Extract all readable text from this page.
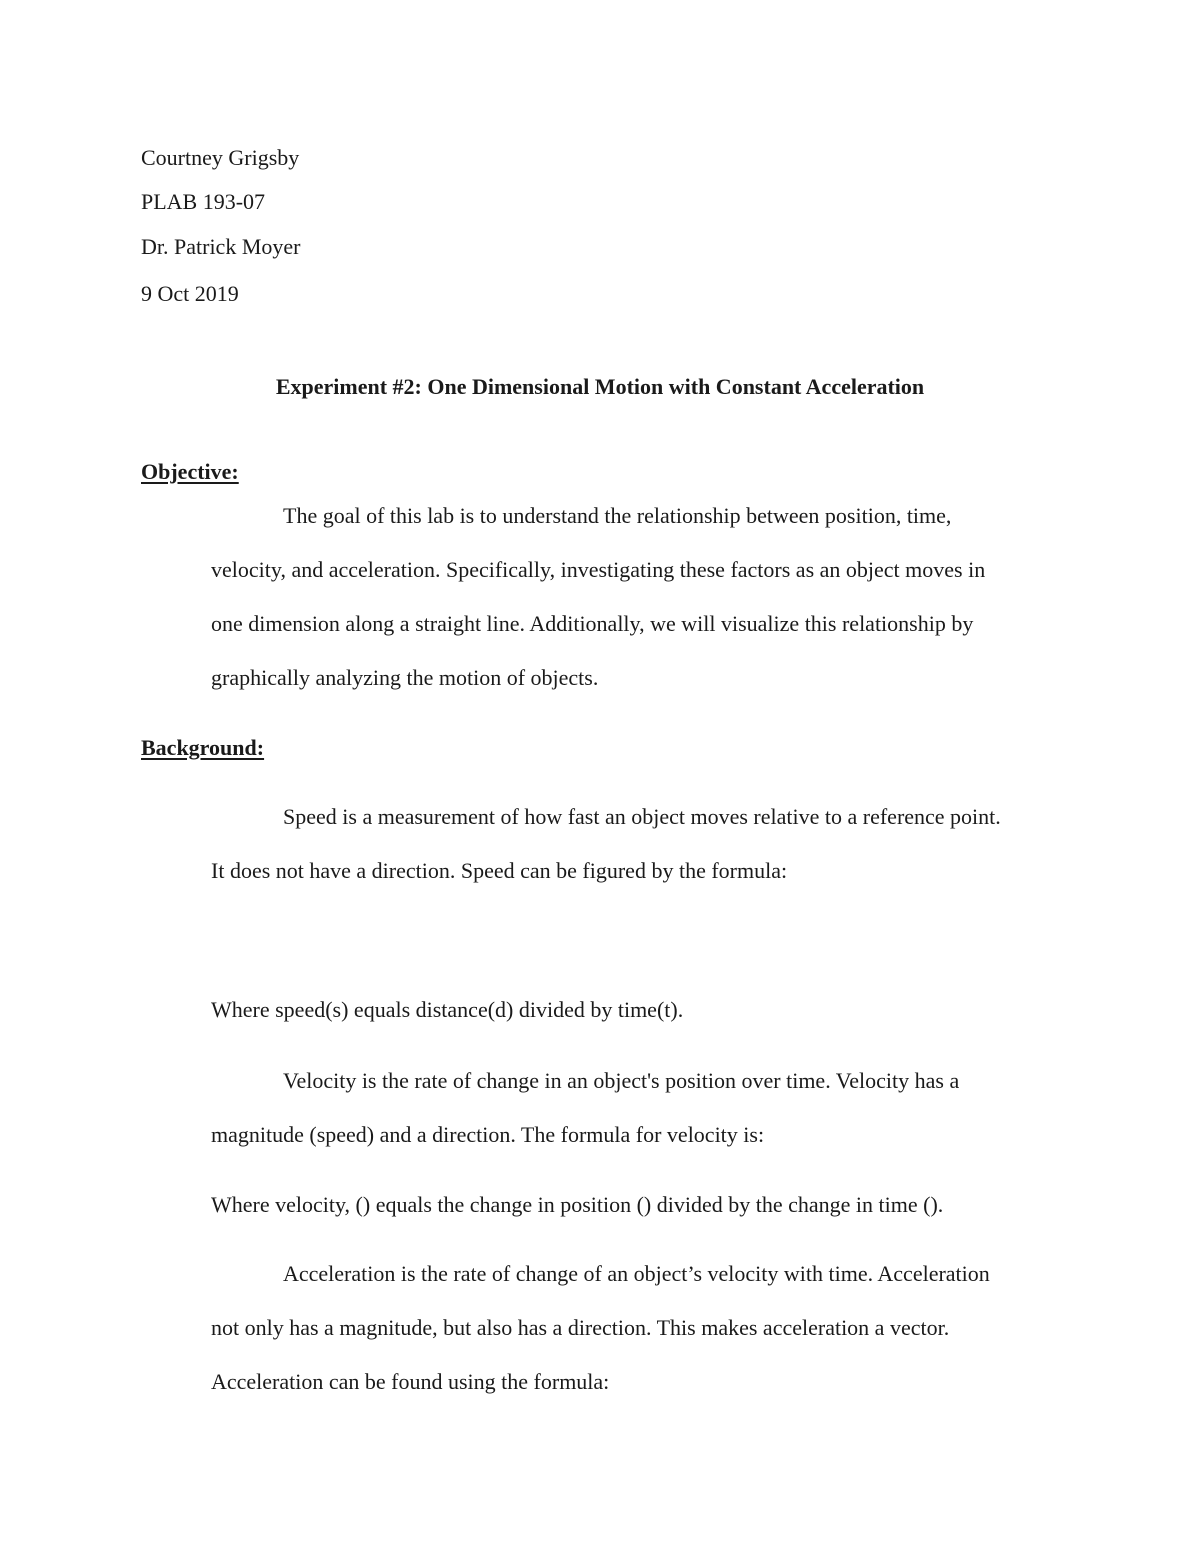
Courtney Grigsby
PLAB 193-07
Dr. Patrick Moyer
9 Oct 2019
Experiment #2: One Dimensional Motion with Constant Acceleration
Objective:
The goal of this lab is to understand the relationship between position, time,
velocity, and acceleration. Specifically, investigating these factors as an object moves in
one dimension along a straight line. Additionally, we will visualize this relationship by
graphically analyzing the motion of objects.
Background:
Speed is a measurement of how fast an object moves relative to a reference point.
It does not have a direction. Speed can be figured by the formula:
Where speed(s) equals distance(d) divided by time(t).
Velocity is the rate of change in an object's position over time. Velocity has a
magnitude (speed) and a direction. The formula for velocity is:
Where velocity, () equals the change in position () divided by the change in time ().
Acceleration is the rate of change of an object’s velocity with time. Acceleration
not only has a magnitude, but also has a direction. This makes acceleration a vector.
Acceleration can be found using the formula:
